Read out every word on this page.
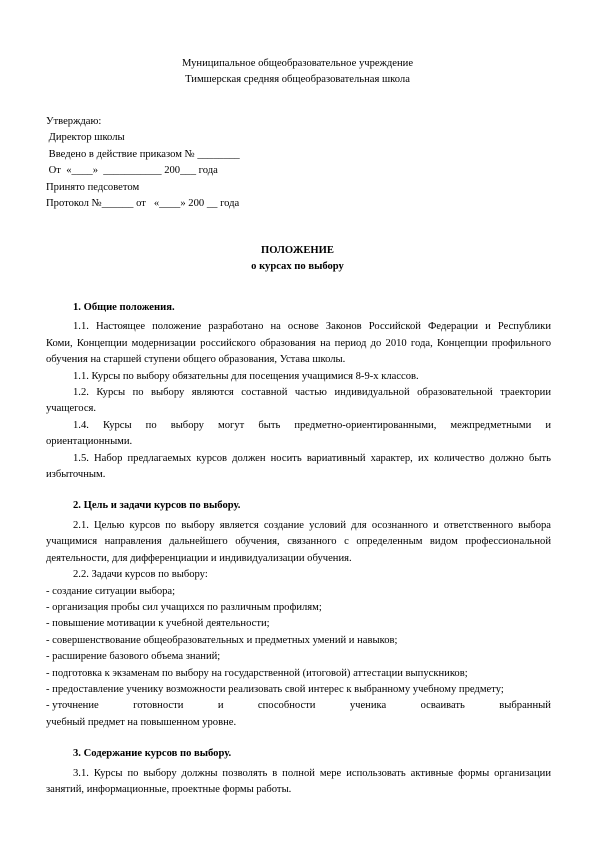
Муниципальное общеобразовательное учреждение
Тимшерская средняя общеобразовательная школа
Утверждаю:
Директор школы
Введено в действие приказом № ________
От  «____»  ___________ 200___ года
Принято педсоветом
Протокол №______ от   «____» 200 __ года
ПОЛОЖЕНИЕ
о курсах по выбору
1. Общие положения.
1.1. Настоящее положение разработано на основе Законов Российской Федерации и Республики
Коми, Концепции модернизации российского образования на период до 2010 года, Концепции профильного обучения на старшей ступени общего образования, Устава школы.
1.1. Курсы по выбору обязательны для посещения учащимися 8-9-х классов.
1.2. Курсы по выбору являются составной частью индивидуальной образовательной траектории
учащегося.
1.4. Курсы по выбору могут быть предметно-ориентированными, межпредметными и
ориентационными.
1.5. Набор предлагаемых курсов должен носить вариативный характер, их количество должно быть
избыточным.
2. Цель и задачи курсов по выбору.
2.1. Целью курсов по выбору является создание условий для осознанного и ответственного выбора
учащимися направления дальнейшего обучения, связанного с определенным видом профессиональной деятельности, для дифференциации и индивидуализации обучения.
2.2. Задачи курсов по выбору:
- создание ситуации выбора;
- организация пробы сил учащихся по различным профилям;
- повышение мотивации к учебной деятельности;
- совершенствование общеобразовательных и предметных умений и навыков;
- расширение базового объема знаний;
- подготовка к экзаменам по выбору на государственной (итоговой) аттестации выпускников;
- предоставление ученику возможности реализовать свой интерес к выбранному учебному предмету;
- уточнение	готовности	и	способности	ученика	осваивать	выбранный
учебный предмет на повышенном уровне.
3. Содержание курсов по выбору.
3.1. Курсы по выбору должны позволять в полной мере использовать активные формы организации
занятий, информационные, проектные формы работы.
